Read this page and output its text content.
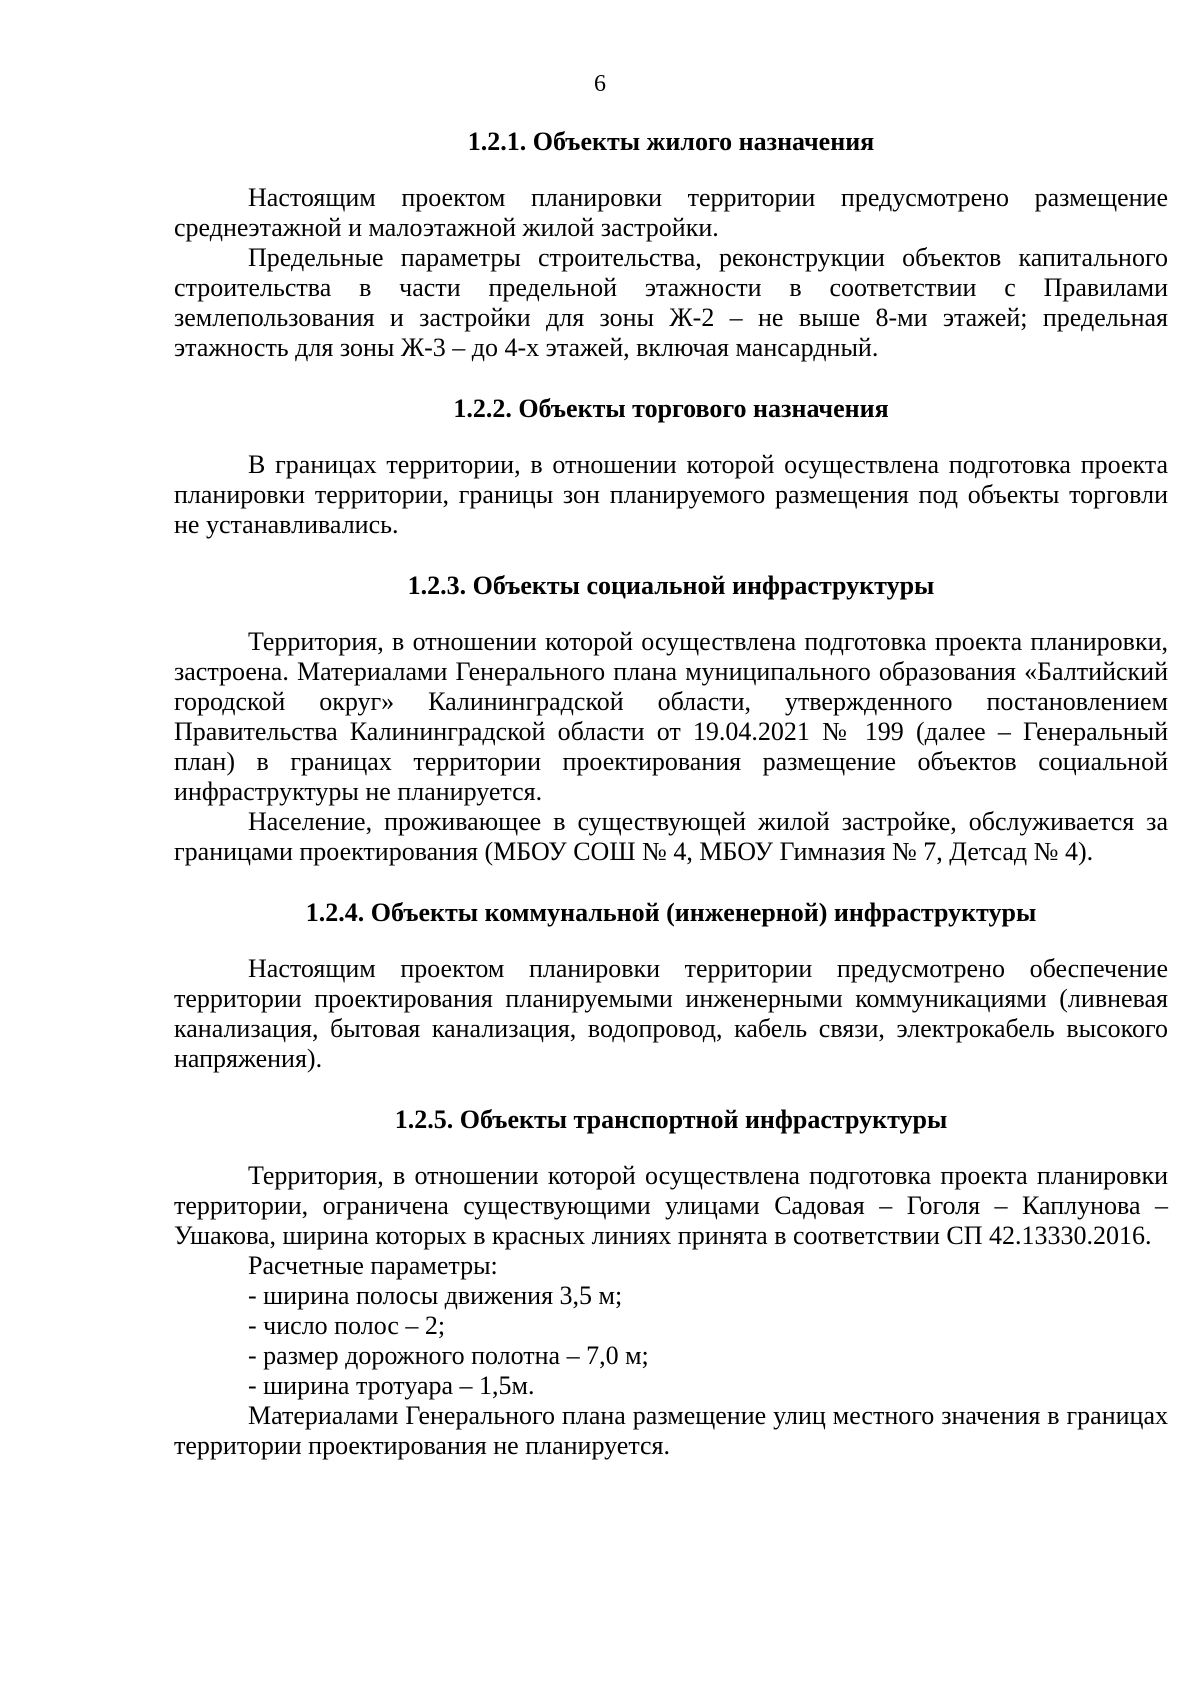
6

1.2.1. Объекты жилого назначения

Настоящим проектом планировки территории предусмотрено размещение среднеэтажной и малоэтажной жилой застройки.

Предельные параметры строительства, реконструкции объектов капитального строительства в части предельной этажности в соответствии с Правилами землепользования и застройки для зоны Ж-2 – не выше 8-ми этажей; предельная этажность для зоны Ж-3 – до 4-х этажей, включая мансардный.

1.2.2. Объекты торгового назначения

В границах территории, в отношении которой осуществлена подготовка проекта планировки территории, границы зон планируемого размещения под объекты торговли не устанавливались.

1.2.3. Объекты социальной инфраструктуры

Территория, в отношении которой осуществлена подготовка проекта планировки, застроена. Материалами Генерального плана муниципального образования «Балтийский городской округ» Калининградской области, утвержденного постановлением Правительства Калининградской области от 19.04.2021 № 199 (далее – Генеральный план) в границах территории проектирования размещение объектов социальной инфраструктуры не планируется.

Население, проживающее в существующей жилой застройке, обслуживается за границами проектирования (МБОУ СОШ № 4, МБОУ Гимназия № 7, Детсад № 4).

1.2.4. Объекты коммунальной (инженерной) инфраструктуры

Настоящим проектом планировки территории предусмотрено обеспечение территории проектирования планируемыми инженерными коммуникациями (ливневая канализация, бытовая канализация, водопровод, кабель связи, электрокабель высокого напряжения).

1.2.5. Объекты транспортной инфраструктуры

Территория, в отношении которой осуществлена подготовка проекта планировки территории, ограничена существующими улицами Садовая – Гоголя – Каплунова – Ушакова, ширина которых в красных линиях принята в соответствии СП 42.13330.2016.

Расчетные параметры:

- ширина полосы движения 3,5 м;

- число полос – 2;

- размер дорожного полотна – 7,0 м;

- ширина тротуара – 1,5м.

Материалами Генерального плана размещение улиц местного значения в границах территории проектирования не планируется.
